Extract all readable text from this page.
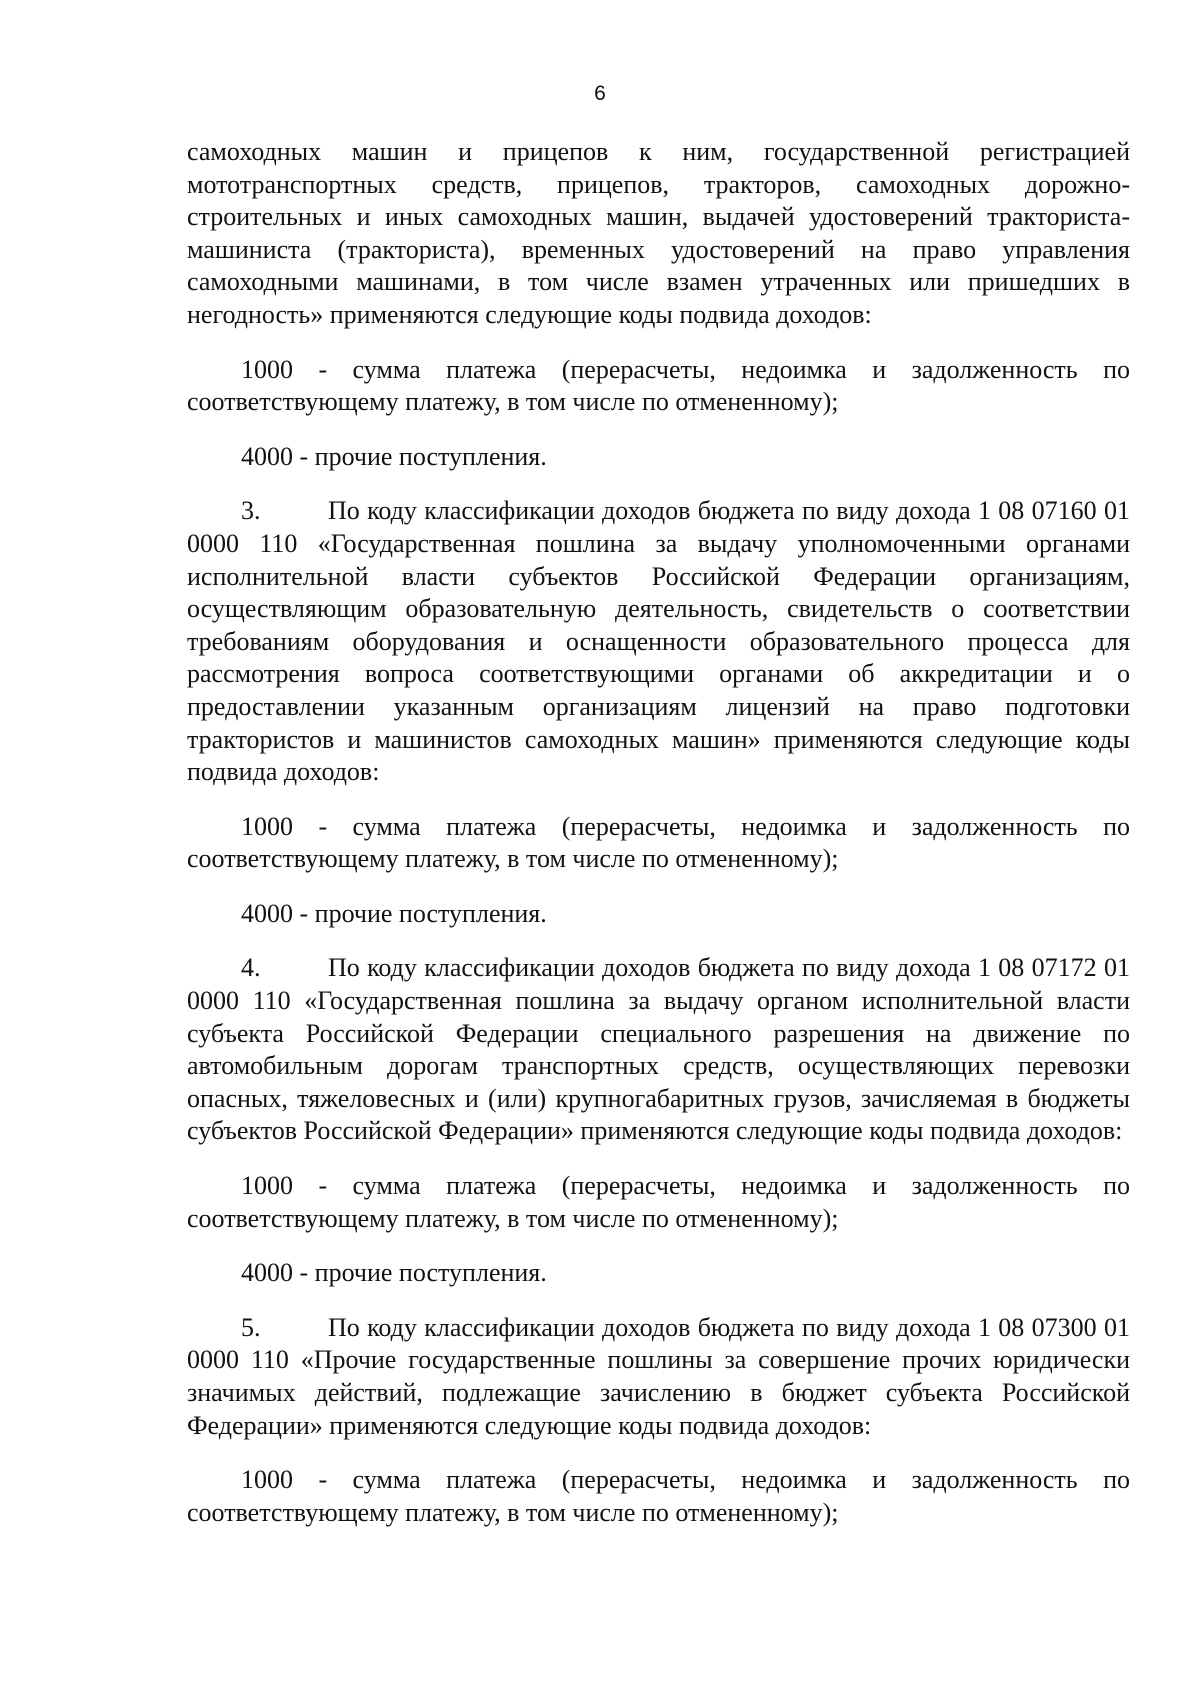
6

самоходных машин и прицепов к ним, государственной регистрацией мототранспортных средств, прицепов, тракторов, самоходных дорожно-строительных и иных самоходных машин, выдачей удостоверений тракториста-машиниста (тракториста), временных удостоверений на право управления самоходными машинами, в том числе взамен утраченных или пришедших в негодность» применяются следующие коды подвида доходов:

1000 - сумма платежа (перерасчеты, недоимка и задолженность по соответствующему платежу, в том числе по отмененному);

4000 - прочие поступления.

3.	По коду классификации доходов бюджета по виду дохода 1 08 07160 01 0000 110 «Государственная пошлина за выдачу уполномоченными органами исполнительной власти субъектов Российской Федерации организациям, осуществляющим образовательную деятельность, свидетельств о соответствии требованиям оборудования и оснащенности образовательного процесса для рассмотрения вопроса соответствующими органами об аккредитации и о предоставлении указанным организациям лицензий на право подготовки трактористов и машинистов самоходных машин» применяются следующие коды подвида доходов:

1000 - сумма платежа (перерасчеты, недоимка и задолженность по соответствующему платежу, в том числе по отмененному);

4000 - прочие поступления.

4.	По коду классификации доходов бюджета по виду дохода 1 08 07172 01 0000 110 «Государственная пошлина за выдачу органом исполнительной власти субъекта Российской Федерации специального разрешения на движение по автомобильным дорогам транспортных средств, осуществляющих перевозки опасных, тяжеловесных и (или) крупногабаритных грузов, зачисляемая в бюджеты субъектов Российской Федерации» применяются следующие коды подвида доходов:

1000 - сумма платежа (перерасчеты, недоимка и задолженность по соответствующему платежу, в том числе по отмененному);

4000 - прочие поступления.

5.	По коду классификации доходов бюджета по виду дохода 1 08 07300 01 0000 110 «Прочие государственные пошлины за совершение прочих юридически значимых действий, подлежащие зачислению в бюджет субъекта Российской Федерации» применяются следующие коды подвида доходов:

1000 - сумма платежа (перерасчеты, недоимка и задолженность по соответствующему платежу, в том числе по отмененному);
